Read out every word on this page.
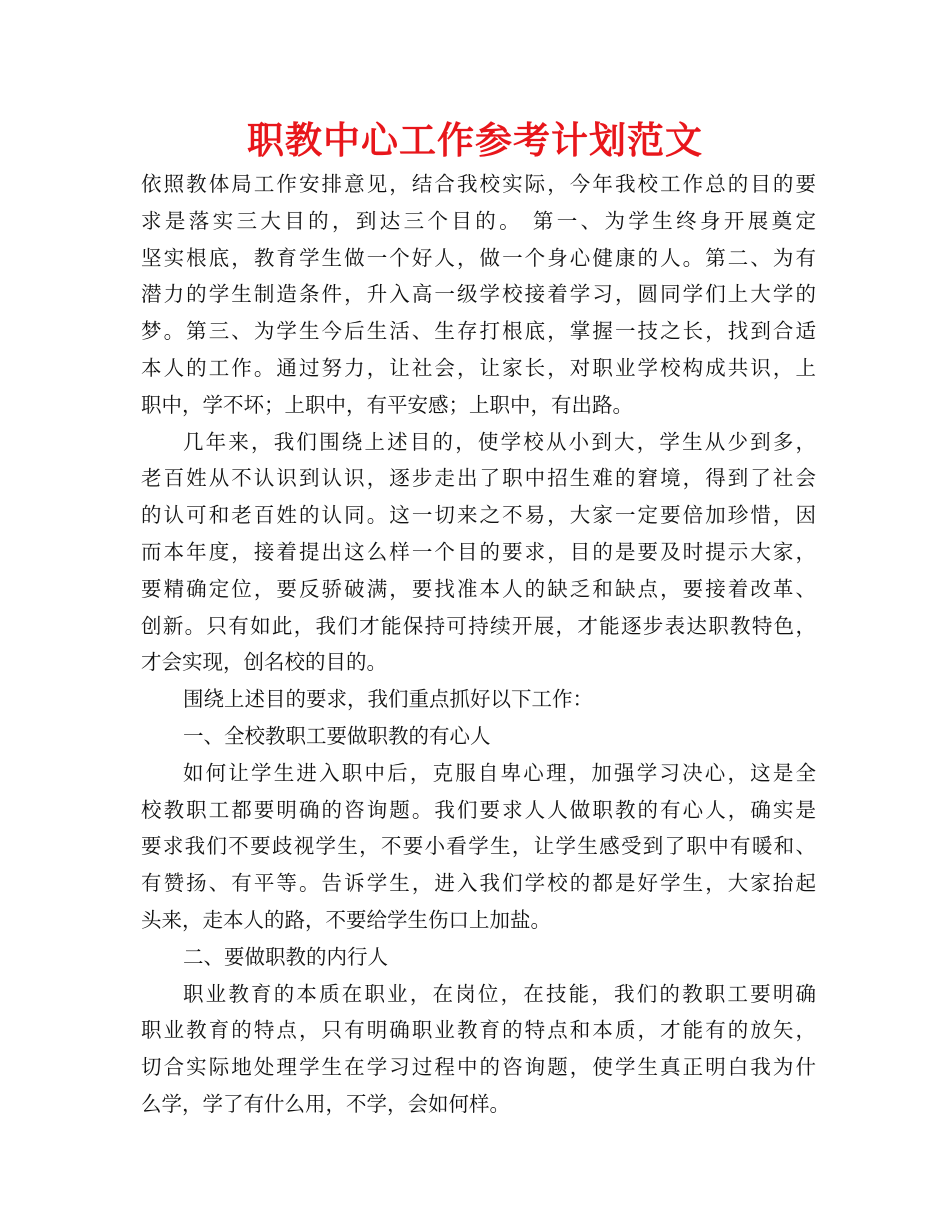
职教中心工作参考计划范文
依照教体局工作安排意见，结合我校实际，今年我校工作总的目的要
求是落实三大目的，到达三个目的。 第一、为学生终身开展奠定
坚实根底，教育学生做一个好人，做一个身心健康的人。第二、为有
潜力的学生制造条件，升入高一级学校接着学习，圆同学们上大学的
梦。第三、为学生今后生活、生存打根底，掌握一技之长，找到合适
本人的工作。通过努力，让社会，让家长，对职业学校构成共识，上
职中，学不坏；上职中，有平安感；上职中，有出路。
几年来，我们围绕上述目的，使学校从小到大，学生从少到多，
老百姓从不认识到认识，逐步走出了职中招生难的窘境，得到了社会
的认可和老百姓的认同。这一切来之不易，大家一定要倍加珍惜，因
而本年度，接着提出这么样一个目的要求，目的是要及时提示大家，
要精确定位，要反骄破满，要找准本人的缺乏和缺点，要接着改革、
创新。只有如此，我们才能保持可持续开展，才能逐步表达职教特色，
才会实现，创名校的目的。
围绕上述目的要求，我们重点抓好以下工作：
一、全校教职工要做职教的有心人
如何让学生进入职中后，克服自卑心理，加强学习决心，这是全
校教职工都要明确的咨询题。我们要求人人做职教的有心人，确实是
要求我们不要歧视学生，不要小看学生，让学生感受到了职中有暖和、
有赞扬、有平等。告诉学生，进入我们学校的都是好学生，大家抬起
头来，走本人的路，不要给学生伤口上加盐。
二、要做职教的内行人
职业教育的本质在职业，在岗位，在技能，我们的教职工要明确
职业教育的特点，只有明确职业教育的特点和本质，才能有的放矢，
切合实际地处理学生在学习过程中的咨询题，使学生真正明白我为什
么学，学了有什么用，不学，会如何样。
